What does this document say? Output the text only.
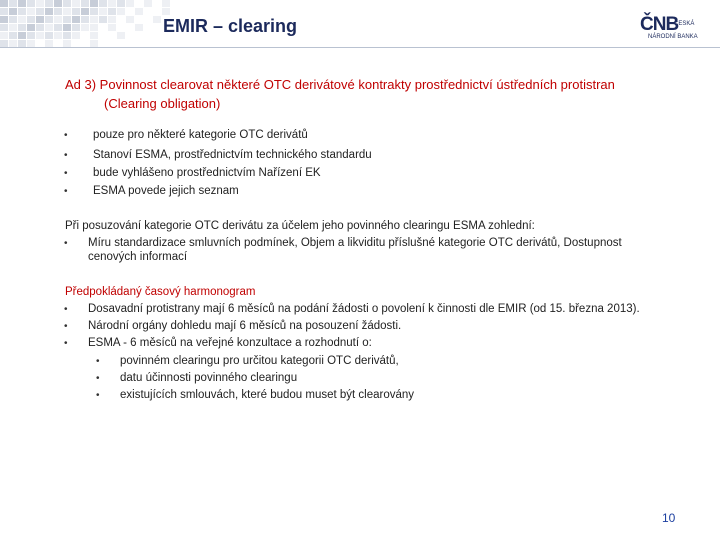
EMIR – clearing	ČNB
ČESKÁ
NÁRODNÍ BANKA
Ad 3) Povinnost clearovat některé OTC derivátové kontrakty prostřednictví ústředních protistran
(Clearing obligation)
• pouze pro některé kategorie OTC derivátů
• Stanoví ESMA, prostřednictvím technického standardu
• bude vyhlášeno prostřednictvím Nařízení EK
• ESMA povede jejich seznam
Při posuzování kategorie OTC derivátu za účelem jeho povinného clearingu ESMA zohlední:
• Míru standardizace smluvních podmínek, Objem a likviditu příslušné kategorie OTC derivátů, Dostupnost
cenových informací
Předpokládaný časový harmonogram
• Dosavadní protistrany mají 6 měsíců na podání žádosti o povolení k činnosti dle EMIR (od 15. března 2013).
• Národní orgány dohledu mají 6 měsíců na posouzení žádosti.
• ESMA - 6 měsíců na veřejné konzultace a rozhodnutí o:
• povinném clearingu pro určitou kategorii OTC derivátů,
• datu účinnosti povinného clearingu
• existujících smlouvách, které budou muset být clearovány
10
